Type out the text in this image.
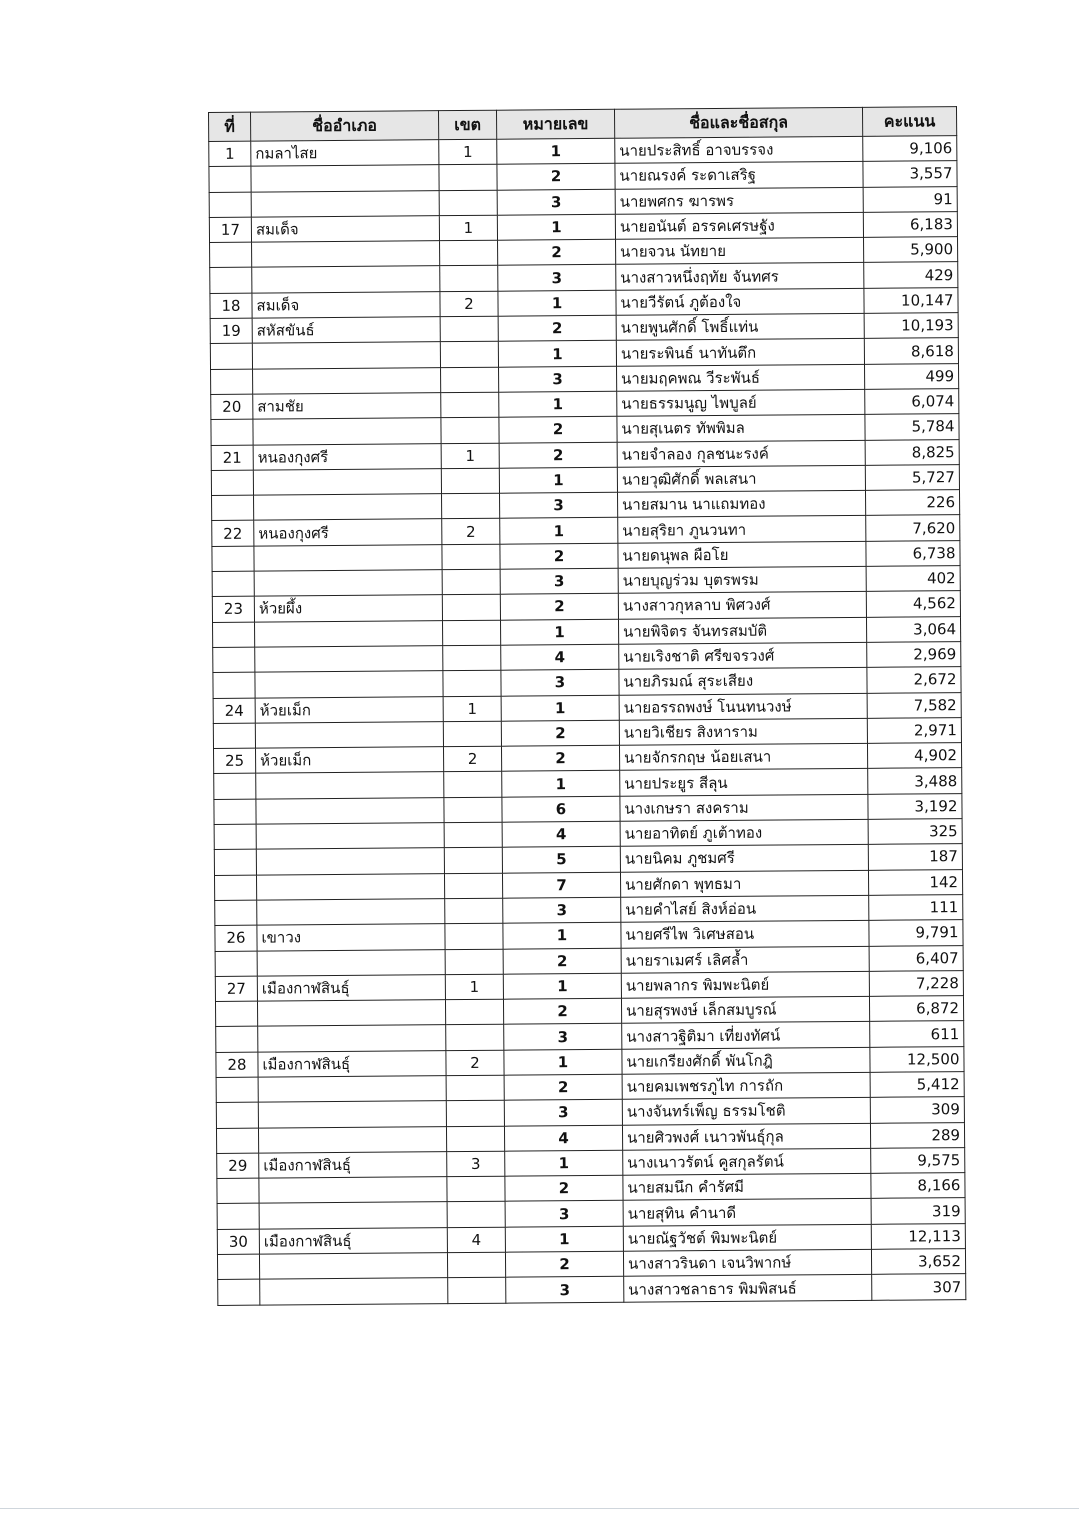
ที่	ชื่ออำเภอ	เขต	หมายเลข	ชื่อและชื่อสกุล	คะแนน
1	กมลาไสย	1	1	นายประสิทธิ์ อาจบรรจง	9,106
			2	นายณรงค์ ระดาเสริฐ	3,557
			3	นายพศกร ฆารพร	91
17	สมเด็จ	1	1	นายอนันต์ อรรคเศรษฐัง	6,183
			2	นายจวน นัทยาย	5,900
			3	นางสาวหนึ่งฤทัย จันทศร	429
18	สมเด็จ	2	1	นายวีรัตน์ ภูต้องใจ	10,147
19	สหัสขันธ์		2	นายพูนศักดิ์ โพธิ์แท่น	10,193
			1	นายระพินธ์ นาทันตึก	8,618
			3	นายมฤคพณ วีระพันธ์	499
20	สามชัย		1	นายธรรมนูญ ไพบูลย์	6,074
			2	นายสุเนตร ทัพพิมล	5,784
21	หนองกุงศรี	1	2	นายจำลอง กุลชนะรงค์	8,825
			1	นายวุฒิศักดิ์ พลเสนา	5,727
			3	นายสมาน นาแถมทอง	226
22	หนองกุงศรี	2	1	นายสุริยา ภูนวนทา	7,620
			2	นายดนุพล ผือโย	6,738
			3	นายบุญร่วม บุตรพรม	402
23	ห้วยผึ้ง		2	นางสาวกุหลาบ พิศวงศ์	4,562
			1	นายพิจิตร จันทรสมบัติ	3,064
			4	นายเริงชาติ ศรีขจรวงศ์	2,969
			3	นายภิรมณ์ สุระเสียง	2,672
24	ห้วยเม็ก	1	1	นายอรรถพงษ์ โนนทนวงษ์	7,582
			2	นายวิเชียร สิงหาราม	2,971
25	ห้วยเม็ก	2	2	นายจักรกฤษ น้อยเสนา	4,902
			1	นายประยูร สีลุน	3,488
			6	นางเกษรา สงคราม	3,192
			4	นายอาทิตย์ ภูเต้าทอง	325
			5	นายนิคม ภูชมศรี	187
			7	นายศักดา พุทธมา	142
			3	นายคำไสย์ สิงห์อ่อน	111
26	เขาวง		1	นายศรีไพ วิเศษสอน	9,791
			2	นายราเมศร์ เลิศล้ำ	6,407
27	เมืองกาฬสินธุ์	1	1	นายพลากร พิมพะนิตย์	7,228
			2	นายสุรพงษ์ เล็กสมบูรณ์	6,872
			3	นางสาวฐิติมา เที่ยงทัศน์	611
28	เมืองกาฬสินธุ์	2	1	นายเกรียงศักดิ์ พันโกฎิ	12,500
			2	นายคมเพชรภูไท การถัก	5,412
			3	นางจันทร์เพ็ญ ธรรมโชติ	309
			4	นายศิวพงศ์ เนาวพันธุ์กุล	289
29	เมืองกาฬสินธุ์	3	1	นางเนาวรัตน์ คูสกุลรัตน์	9,575
			2	นายสมนึก คำรัศมี	8,166
			3	นายสุทิน คำนาดี	319
30	เมืองกาฬสินธุ์	4	1	นายณัฐวัชต์ พิมพะนิตย์	12,113
			2	นางสาวรินดา เจนวิพากษ์	3,652
			3	นางสาวชลาธาร พิมพิสนธ์	307
